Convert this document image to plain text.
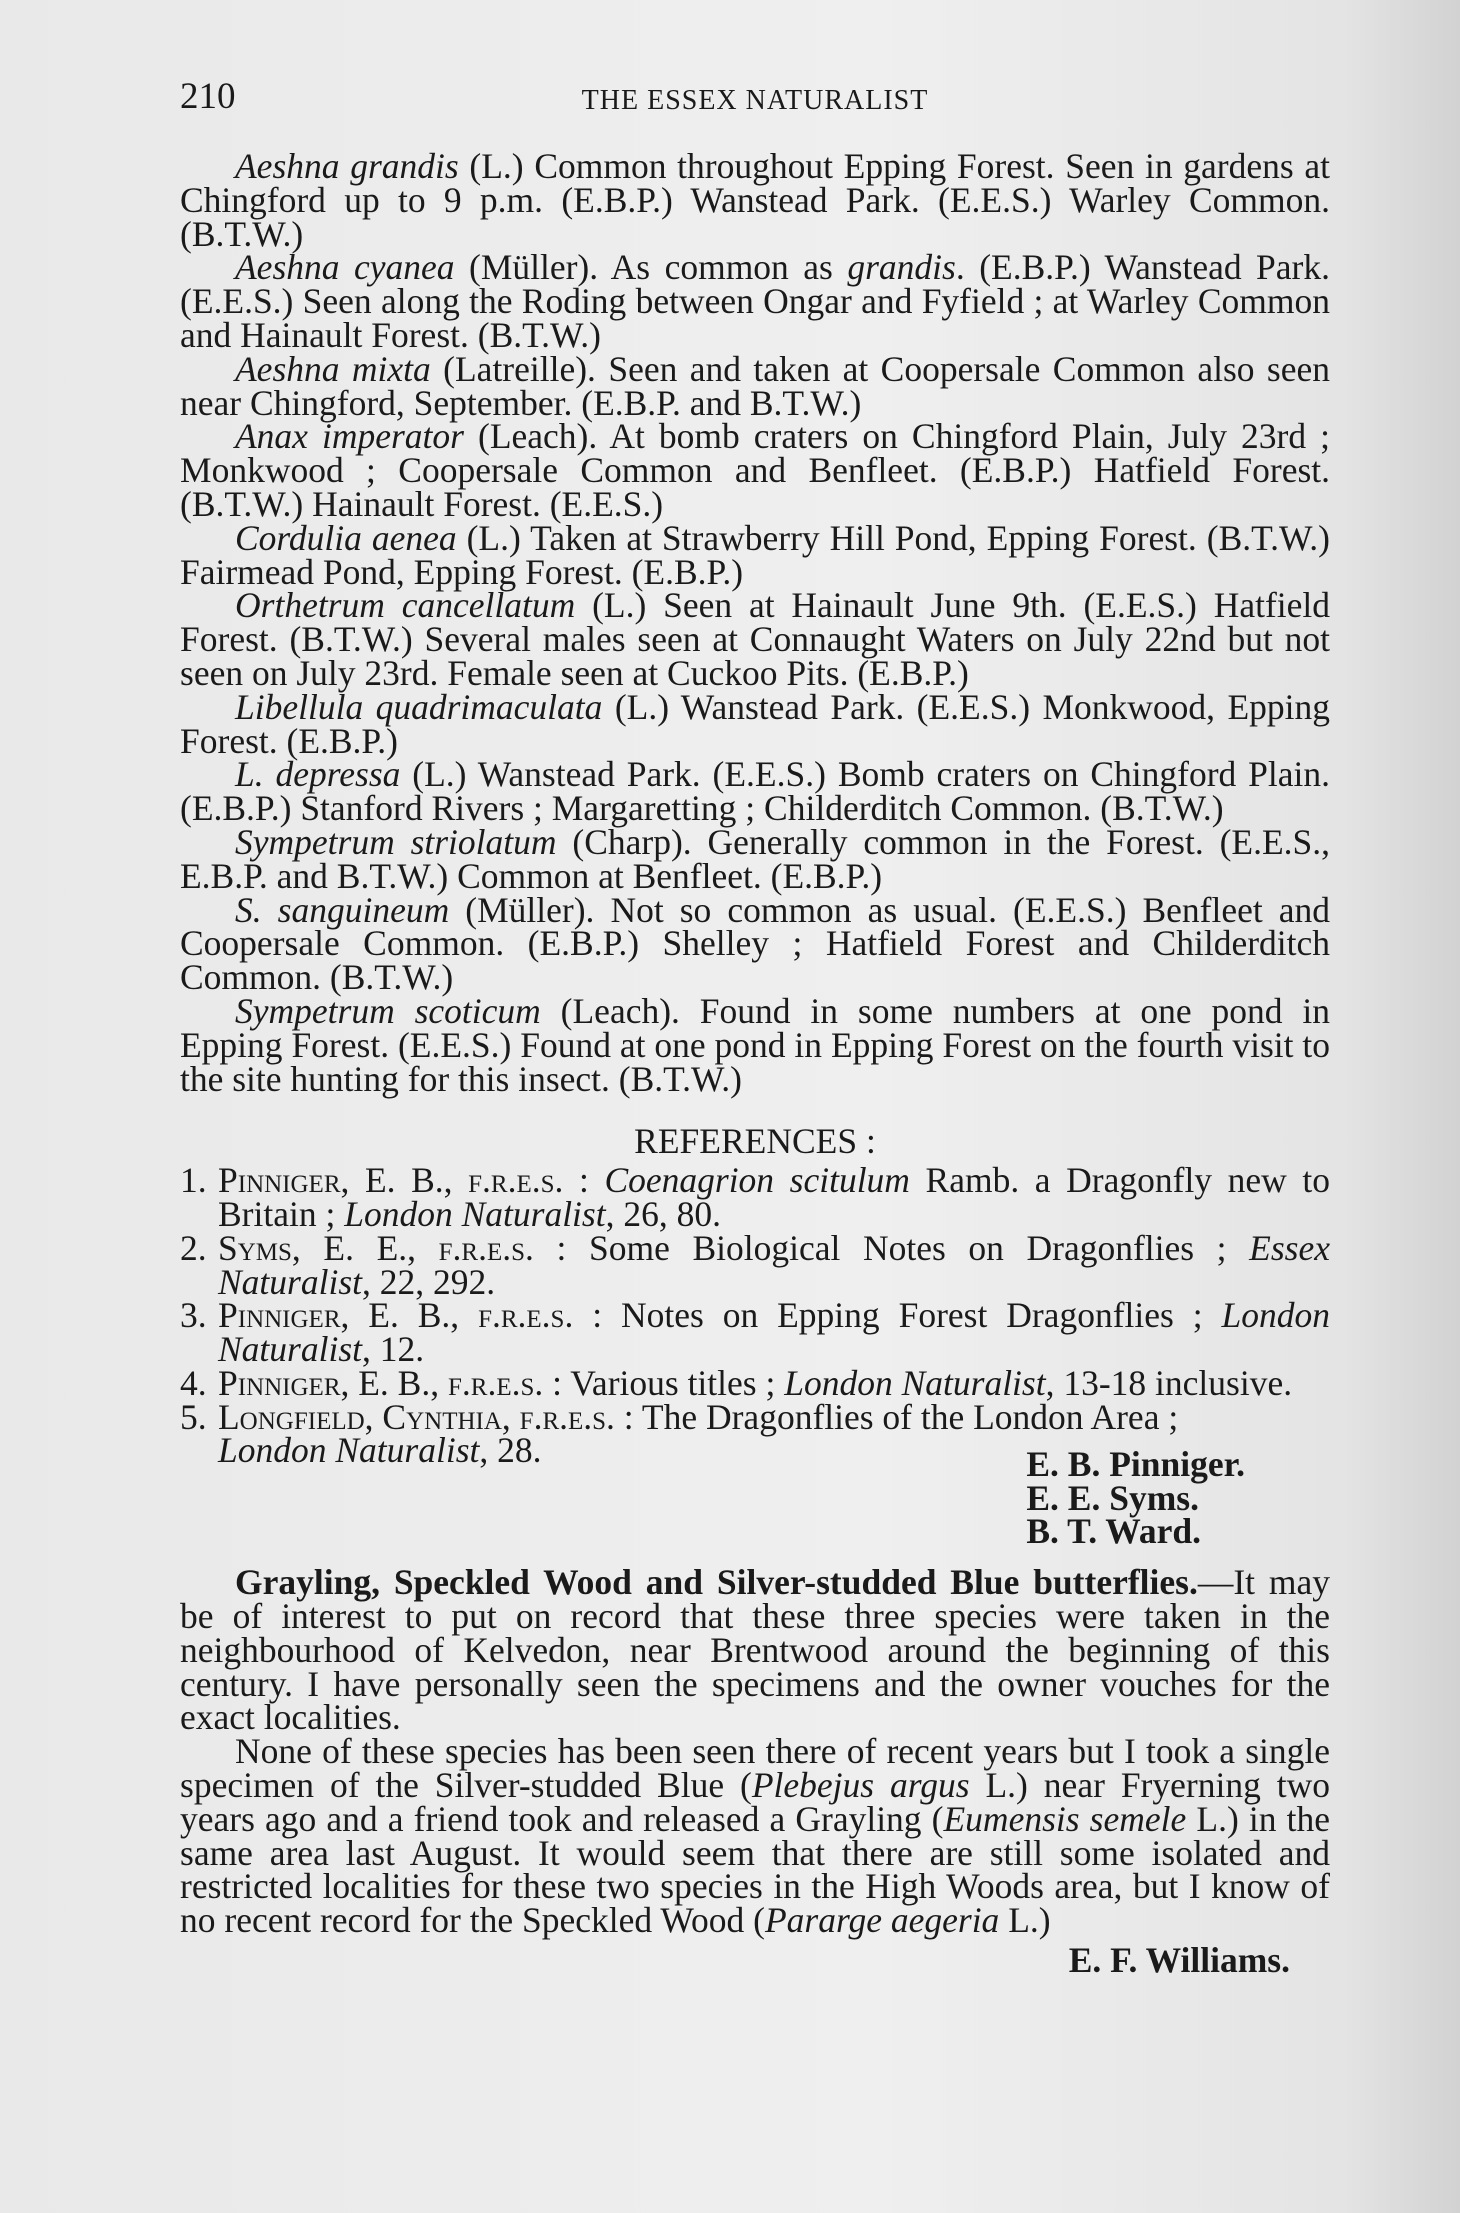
210	THE ESSEX NATURALIST

Aeshna grandis (L.) Common throughout Epping Forest. Seen in gardens at Chingford up to 9 p.m. (E.B.P.) Wanstead Park. (E.E.S.) Warley Common. (B.T.W.)

Aeshna cyanea (Müller). As common as grandis. (E.B.P.) Wanstead Park. (E.E.S.) Seen along the Roding between Ongar and Fyfield ; at Warley Common and Hainault Forest. (B.T.W.)

Aeshna mixta (Latreille). Seen and taken at Coopersale Common also seen near Chingford, September. (E.B.P. and B.T.W.)

Anax imperator (Leach). At bomb craters on Chingford Plain, July 23rd ; Monkwood ; Coopersale Common and Benfleet. (E.B.P.) Hatfield Forest. (B.T.W.) Hainault Forest. (E.E.S.)

Cordulia aenea (L.) Taken at Strawberry Hill Pond, Epping Forest. (B.T.W.) Fairmead Pond, Epping Forest. (E.B.P.)

Orthetrum cancellatum (L.) Seen at Hainault June 9th. (E.E.S.) Hatfield Forest. (B.T.W.) Several males seen at Connaught Waters on July 22nd but not seen on July 23rd. Female seen at Cuckoo Pits. (E.B.P.)

Libellula quadrimaculata (L.) Wanstead Park. (E.E.S.) Monkwood, Epping Forest. (E.B.P.)

L. depressa (L.) Wanstead Park. (E.E.S.) Bomb craters on Chingford Plain. (E.B.P.) Stanford Rivers ; Margaretting ; Childerditch Common. (B.T.W.)

Sympetrum striolatum (Charp). Generally common in the Forest. (E.E.S., E.B.P. and B.T.W.) Common at Benfleet. (E.B.P.)

S. sanguineum (Müller). Not so common as usual. (E.E.S.) Benfleet and Coopersale Common. (E.B.P.) Shelley ; Hatfield Forest and Childerditch Common. (B.T.W.)

Sympetrum scoticum (Leach). Found in some numbers at one pond in Epping Forest. (E.E.S.) Found at one pond in Epping Forest on the fourth visit to the site hunting for this insect. (B.T.W.)

REFERENCES :
1. Pinniger, E. B., f.r.e.s. : Coenagrion scitulum Ramb. a Dragonfly new to Britain ; London Naturalist, 26, 80.
2. Syms, E. E., f.r.e.s. : Some Biological Notes on Dragonflies ; Essex Naturalist, 22, 292.
3. Pinniger, E. B., f.r.e.s. : Notes on Epping Forest Dragonflies ; London Naturalist, 12.
4. Pinniger, E. B., f.r.e.s. : Various titles ; London Naturalist, 13-18 inclusive.
5. Longfield, Cynthia, f.r.e.s. : The Dragonflies of the London Area ;
London Naturalist, 28.	E. B. Pinniger.
E. E. Syms.
B. T. Ward.

Grayling, Speckled Wood and Silver-studded Blue butterflies.—It may be of interest to put on record that these three species were taken in the neighbourhood of Kelvedon, near Brentwood around the beginning of this century. I have personally seen the specimens and the owner vouches for the exact localities.

None of these species has been seen there of recent years but I took a single specimen of the Silver-studded Blue (Plebejus argus L.) near Fryerning two years ago and a friend took and released a Grayling (Eumensis semele L.) in the same area last August. It would seem that there are still some isolated and restricted localities for these two species in the High Woods area, but I know of no recent record for the Speckled Wood (Pararge aegeria L.)

E. F. Williams.
